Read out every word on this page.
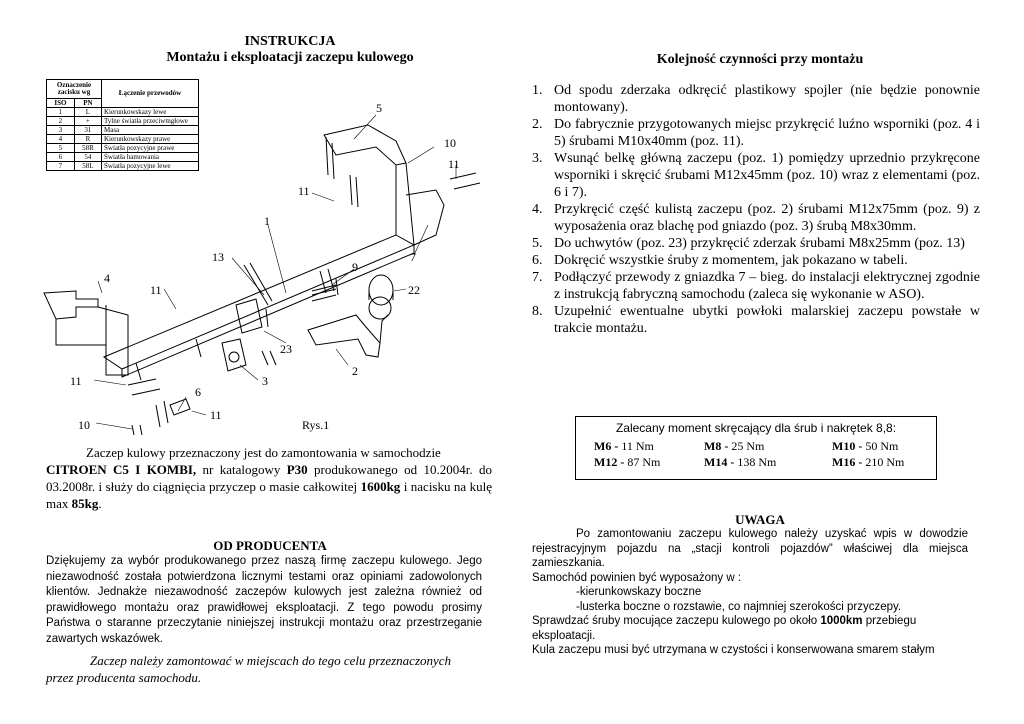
INSTRUKCJA
Montażu i eksploatacji zaczepu kulowego
Oznaczenie zacisku wg		Łączenie przewodów
ISO	PN	
1	L	Kierunkowskazy lewe
2	+	Tylne światła przeciwmgłowe
3	31	Masa
4	R	Kierunkowskazy prawe
5	58R	Światła pozycyjne prawe
6	54	Światła hamowania
7	58L	Światła pozycyjne lewe
5
10
11
11
1
13
9
7
4
11	22
23
2
3
11
6
10
11
Rys.1
Zaczep kulowy przeznaczony jest do zamontowania w samochodzie
CITROEN C5 I KOMBI, nr katalogowy P30 produkowanego od 10.2004r. do 03.2008r. i służy do ciągnięcia przyczep o masie całkowitej 1600kg i nacisku na kulę max 85kg.
OD PRODUCENTA
Dziękujemy za wybór produkowanego przez naszą firmę zaczepu kulowego. Jego niezawodność została potwierdzona licznymi testami oraz opiniami zadowolonych klientów. Jednakże niezawodność zaczepów kulowych jest zależna również od prawidłowego montażu oraz prawidłowej eksploatacji. Z tego powodu prosimy Państwa o staranne przeczytanie niniejszej instrukcji montażu oraz przestrzeganie zawartych wskazówek.
Zaczep należy zamontować w miejscach do tego celu przeznaczonych
przez producenta samochodu.
Kolejność czynności przy montażu
1. Od spodu zderzaka odkręcić plastikowy spojler (nie będzie ponownie montowany).
2. Do fabrycznie przygotowanych miejsc przykręcić luźno wsporniki (poz. 4 i 5) śrubami M10x40mm (poz. 11).
3. Wsunąć belkę główną zaczepu (poz. 1) pomiędzy uprzednio przykręcone wsporniki i skręcić śrubami M12x45mm (poz. 10) wraz z elementami (poz. 6 i 7).
4. Przykręcić część kulistą zaczepu (poz. 2) śrubami M12x75mm (poz. 9) z wyposażenia oraz blachę pod gniazdo (poz. 3) śrubą M8x30mm.
5. Do uchwytów (poz. 23) przykręcić zderzak śrubami M8x25mm (poz. 13)
6. Dokręcić wszystkie śruby z momentem, jak pokazano w tabeli.
7. Podłączyć przewody z gniazdka 7 – bieg. do instalacji elektrycznej zgodnie z instrukcją fabryczną samochodu (zaleca się wykonanie w ASO).
8. Uzupełnić ewentualne ubytki powłoki malarskiej zaczepu powstałe w trakcie montażu.
Zalecany moment skręcający dla śrub i nakrętek 8,8:
M6 - 11 Nm	M8 - 25 Nm	M10 - 50 Nm
M12 - 87 Nm	M14 - 138 Nm	M16 - 210 Nm
UWAGA
Po zamontowaniu zaczepu kulowego należy uzyskać wpis w dowodzie rejestracyjnym pojazdu na „stacji kontroli pojazdów” właściwej dla miejsca zamieszkania.
Samochód powinien być wyposażony w :
-kierunkowskazy boczne
-lusterka boczne o rozstawie, co najmniej szerokości przyczepy.
Sprawdzać śruby mocujące zaczepu kulowego po około 1000km przebiegu eksploatacji.
Kula zaczepu musi być utrzymana w czystości i konserwowana smarem stałym
